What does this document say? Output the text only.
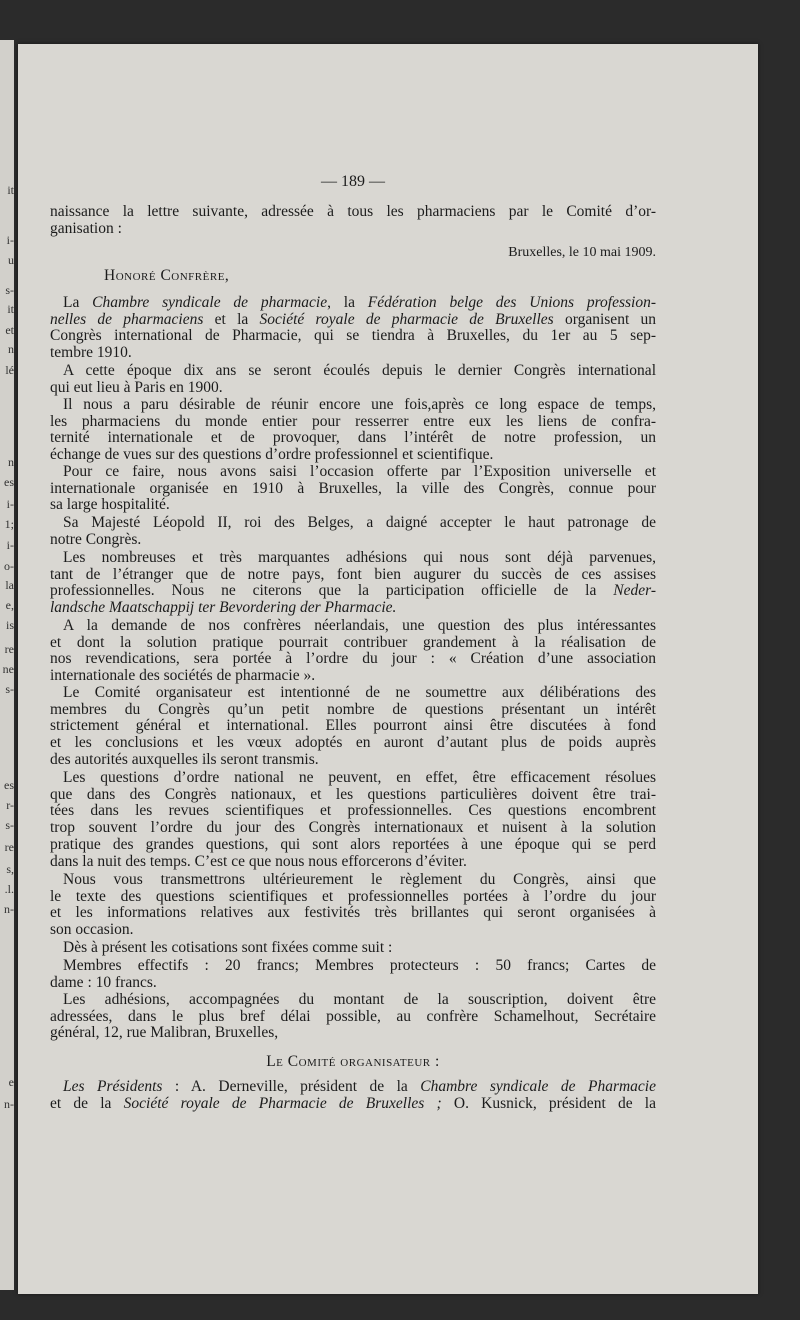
it
i-
u
s-
it
et
n
lé
n
es
i-
1;
i-
o-
la
e,
is
re
ne
s-
es
r-
s-
re
s,
.l.
n-
e
n-
— 189 —
naissance la lettre suivante, adressée à tous les pharmaciens par le Comité d’or-
ganisation :
Bruxelles, le 10 mai 1909.
Honoré Confrère,
La Chambre syndicale de pharmacie, la Fédération belge des Unions profession-
nelles de pharmaciens et la Société royale de pharmacie de Bruxelles organisent un
Congrès international de Pharmacie, qui se tiendra à Bruxelles, du 1er au 5 sep-
tembre 1910.
A cette époque dix ans se seront écoulés depuis le dernier Congrès international
qui eut lieu à Paris en 1900.
Il nous a paru désirable de réunir encore une fois,après ce long espace de temps,
les pharmaciens du monde entier pour resserrer entre eux les liens de confra-
ternité internationale et de provoquer, dans l’intérêt de notre profession, un
échange de vues sur des questions d’ordre professionnel et scientifique.
Pour ce faire, nous avons saisi l’occasion offerte par l’Exposition universelle et
internationale organisée en 1910 à Bruxelles, la ville des Congrès, connue pour
sa large hospitalité.
Sa Majesté Léopold II, roi des Belges, a daigné accepter le haut patronage de
notre Congrès.
Les nombreuses et très marquantes adhésions qui nous sont déjà parvenues,
tant de l’étranger que de notre pays, font bien augurer du succès de ces assises
professionnelles. Nous ne citerons que la participation officielle de la Neder-
landsche Maatschappij ter Bevordering der Pharmacie.
A la demande de nos confrères néerlandais, une question des plus intéressantes
et dont la solution pratique pourrait contribuer grandement à la réalisation de
nos revendications, sera portée à l’ordre du jour : « Création d’une association
internationale des sociétés de pharmacie ».
Le Comité organisateur est intentionné de ne soumettre aux délibérations des
membres du Congrès qu’un petit nombre de questions présentant un intérêt
strictement général et international. Elles pourront ainsi être discutées à fond
et les conclusions et les vœux adoptés en auront d’autant plus de poids auprès
des autorités auxquelles ils seront transmis.
Les questions d’ordre national ne peuvent, en effet, être efficacement résolues
que dans des Congrès nationaux, et les questions particulières doivent être trai-
tées dans les revues scientifiques et professionnelles. Ces questions encombrent
trop souvent l’ordre du jour des Congrès internationaux et nuisent à la solution
pratique des grandes questions, qui sont alors reportées à une époque qui se perd
dans la nuit des temps. C’est ce que nous nous efforcerons d’éviter.
Nous vous transmettrons ultérieurement le règlement du Congrès, ainsi que
le texte des questions scientifiques et professionnelles portées à l’ordre du jour
et les informations relatives aux festivités très brillantes qui seront organisées à
son occasion.
Dès à présent les cotisations sont fixées comme suit :
Membres effectifs : 20 francs; Membres protecteurs : 50 francs; Cartes de
dame : 10 francs.
Les adhésions, accompagnées du montant de la souscription, doivent être
adressées, dans le plus bref délai possible, au confrère Schamelhout, Secrétaire
général, 12, rue Malibran, Bruxelles,
Le Comité organisateur :
Les Présidents : A. Derneville, président de la Chambre syndicale de Pharmacie
et de la Société royale de Pharmacie de Bruxelles ; O. Kusnick, président de la
